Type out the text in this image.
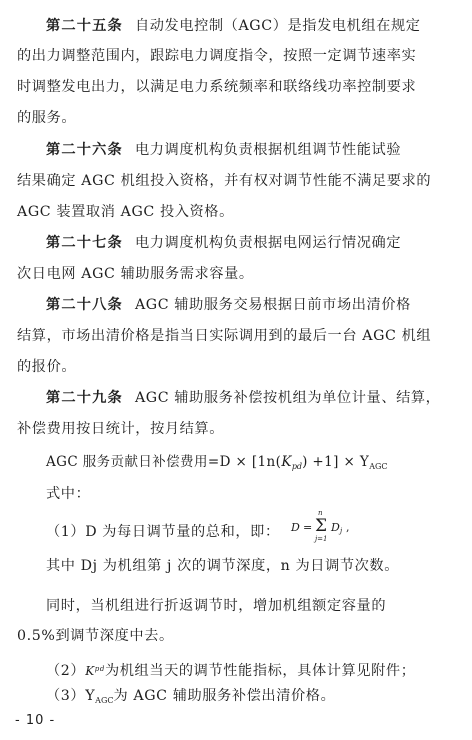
第二十五条 自动发电控制（AGC）是指发电机组在规定
的出力调整范围内，跟踪电力调度指令，按照一定调节速率实
时调整发电出力，以满足电力系统频率和联络线功率控制要求
的服务。
第二十六条 电力调度机构负责根据机组调节性能试验
结果确定 AGC 机组投入资格，并有权对调节性能不满足要求的
AGC 装置取消 AGC 投入资格。
第二十七条 电力调度机构负责根据电网运行情况确定
次日电网 AGC 辅助服务需求容量。
第二十八条 AGC 辅助服务交易根据日前市场出清价格
结算，市场出清价格是指当日实际调用到的最后一台 AGC 机组
的报价。
第二十九条 AGC 辅助服务补偿按机组为单位计量、结算，
补偿费用按日统计，按月结算。
AGC 服务贡献日补偿费用$=D \times [1n(K_{pd}) +1] \times Y_{AGC}$
式中：
（1）D 为每日调节量的总和，即：	D =
n
Σ
j=1
D j ,
其中 Dj 为机组第 j 次的调节深度，n 为日调节次数。
同时，当机组进行折返调节时，增加机组额定容量的
0.5%到调节深度中去。
$(2)K^{pd}$为机组当天的调节性能指标，具体计算见附件；
$(3)Y_{AGC}$为 AGC 辅助服务补偿出清价格。
- 10 -
